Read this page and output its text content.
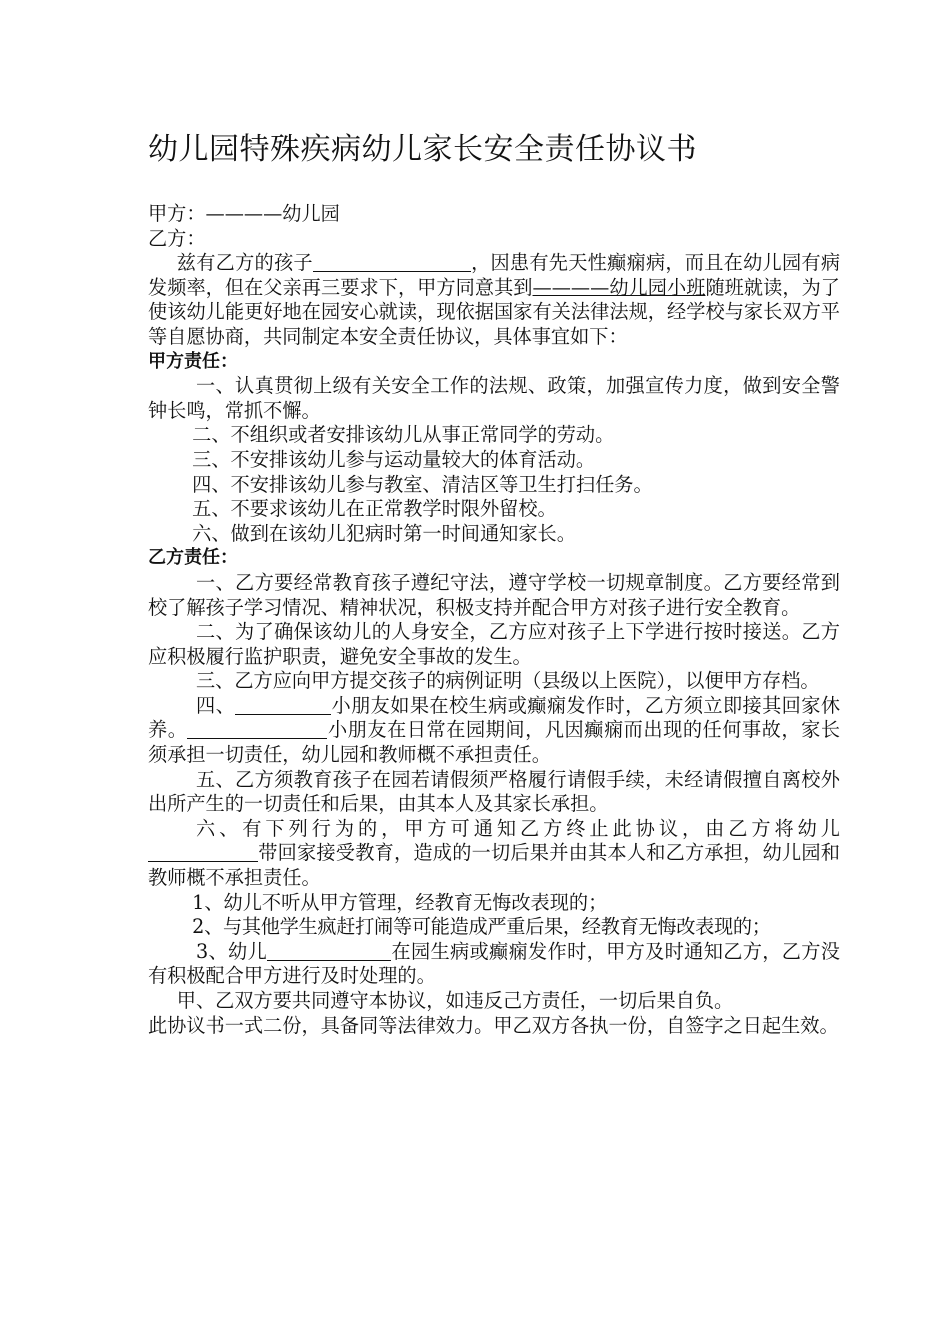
幼儿园特殊疾病幼儿家长安全责任协议书
甲方：————幼儿园
乙方：
兹有乙方的孩子	，因患有先天性癫痫病，而且在幼儿园有病发频率，但在父亲再三要求下，甲方同意其到————幼儿园小班随班就读，为了使该幼儿能更好地在园安心就读，现依据国家有关法律法规，经学校与家长双方平等自愿协商，共同制定本安全责任协议，具体事宜如下：
甲方责任：
一、认真贯彻上级有关安全工作的法规、政策，加强宣传力度，做到安全警钟长鸣，常抓不懈。
二、不组织或者安排该幼儿从事正常同学的劳动。
三、不安排该幼儿参与运动量较大的体育活动。
四、不安排该幼儿参与教室、清洁区等卫生打扫任务。
五、不要求该幼儿在正常教学时限外留校。
六、做到在该幼儿犯病时第一时间通知家长。
乙方责任：
一、乙方要经常教育孩子遵纪守法，遵守学校一切规章制度。乙方要经常到校了解孩子学习情况、精神状况，积极支持并配合甲方对孩子进行安全教育。
二、为了确保该幼儿的人身安全，乙方应对孩子上下学进行按时接送。乙方应积极履行监护职责，避免安全事故的发生。
三、乙方应向甲方提交孩子的病例证明（县级以上医院），以便甲方存档。
四、	小朋友如果在校生病或癫痫发作时，乙方须立即接其回家休养。	小朋友在日常在园期间，凡因癫痫而出现的任何事故，家长须承担一切责任，幼儿园和教师概不承担责任。
五、乙方须教育孩子在园若请假须严格履行请假手续，未经请假擅自离校外出所产生的一切责任和后果，由其本人及其家长承担。
六、有下列行为的，甲方可通知乙方终止此协议，由乙方将幼儿带回家接受教育，造成的一切后果并由其本人和乙方承担，幼儿园和教师概不承担责任。
1、幼儿不听从甲方管理，经教育无悔改表现的；
2、与其他学生疯赶打闹等可能造成严重后果，经教育无悔改表现的；
3、幼儿	在园生病或癫痫发作时，甲方及时通知乙方，乙方没有积极配合甲方进行及时处理的。
甲、乙双方要共同遵守本协议，如违反己方责任，一切后果自负。
此协议书一式二份，具备同等法律效力。甲乙双方各执一份，自签字之日起生效。
